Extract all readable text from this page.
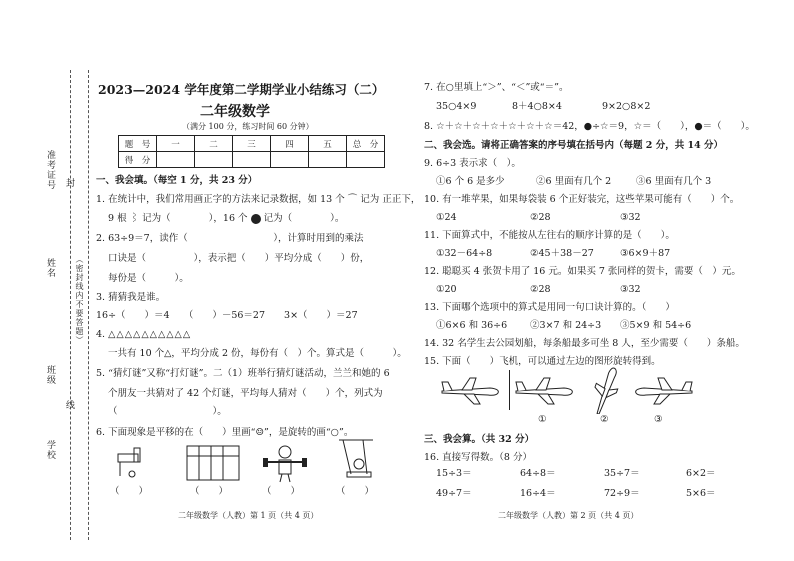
准考证号 封
姓名	（密封线内不要答题）
班级
线
学校
2023—2024 学年度第二学期学业小结练习（二）
二年级数学
（满分 100 分，练习时间 60 分钟）
题　号	一	二	三	四	五	总　分
得　分						
一、我会填。（每空 1 分，共 23 分）
1. 在统计中，我们常用画正字的方法来记录数据，如 13 个 ⌒ 记为 正正下，
9 根 ⌇ 记为（　　　　），16 个 记为（　　　　）。
2. 63÷9＝7，读作（　　　　　　　　　），计算时用到的乘法
口诀是（　　　　　），表示把（　　）平均分成（　　）份，
每份是（　　　）。
3. 猜猜我是谁。
16÷（　　）＝4　　（　　）－56＝27　　3×（　　）＝27
4. △△△△△△△△△△
一共有 10 个△，平均分成 2 份，每份有（　）个。算式是（　　　）。
5. “猜灯谜”又称“打灯谜”。二（1）班举行猜灯谜活动，兰兰和她的 6
个朋友一共猜对了 42 个灯谜，平均每人猜对（　　）个，列式为
（　　　　　　　　　　）。
6. 下面现象是平移的在（　　）里画“☺”，是旋转的画“○”。
（　　）	（　　）	（　　）	（　　）
二年级数学（人教）第 1 页（共 4 页）
7. 在○里填上“＞”、“＜”或“＝”。
35○4×9	8＋4○8×4	9×2○8×2
8. ☆＋☆＋☆＋☆＋☆＋☆＋☆＝42，●÷☆＝9，☆＝（　　），●＝（　　）。
二、我会选。请将正确答案的序号填在括号内（每题 2 分，共 14 分）
9. 6÷3 表示求（　）。
①6 个 6 是多少	②6 里面有几个 2	③6 里面有几个 3
10. 有一堆苹果，如果每袋装 6 个正好装完，这些苹果可能有（　　）个。
①24	②28	③32
11. 下面算式中，不能按从左往右的顺序计算的是（　　）。
①32－64÷8	②45＋38－27	③6×9＋87
12. 聪聪买 4 张贺卡用了 16 元。如果买 7 张同样的贺卡，需要（　）元。
①20	②28	③32
13. 下面哪个选项中的算式是用同一句口诀计算的。（　　）
①6×6 和 36÷6 ②3×7 和 24÷3 ③5×9 和 54÷6
14. 32 名学生去公园划船，每条船最多可坐 8 人，至少需要（　　）条船。
15. 下面（　　）飞机，可以通过左边的图形旋转得到。
①	②	③
三、我会算。（共 32 分）
16. 直接写得数。（8 分）
15÷3＝	64÷8＝	35÷7＝	6×2＝
49÷7＝	16÷4＝	72÷9＝	5×6＝
二年级数学（人教）第 2 页（共 4 页）
